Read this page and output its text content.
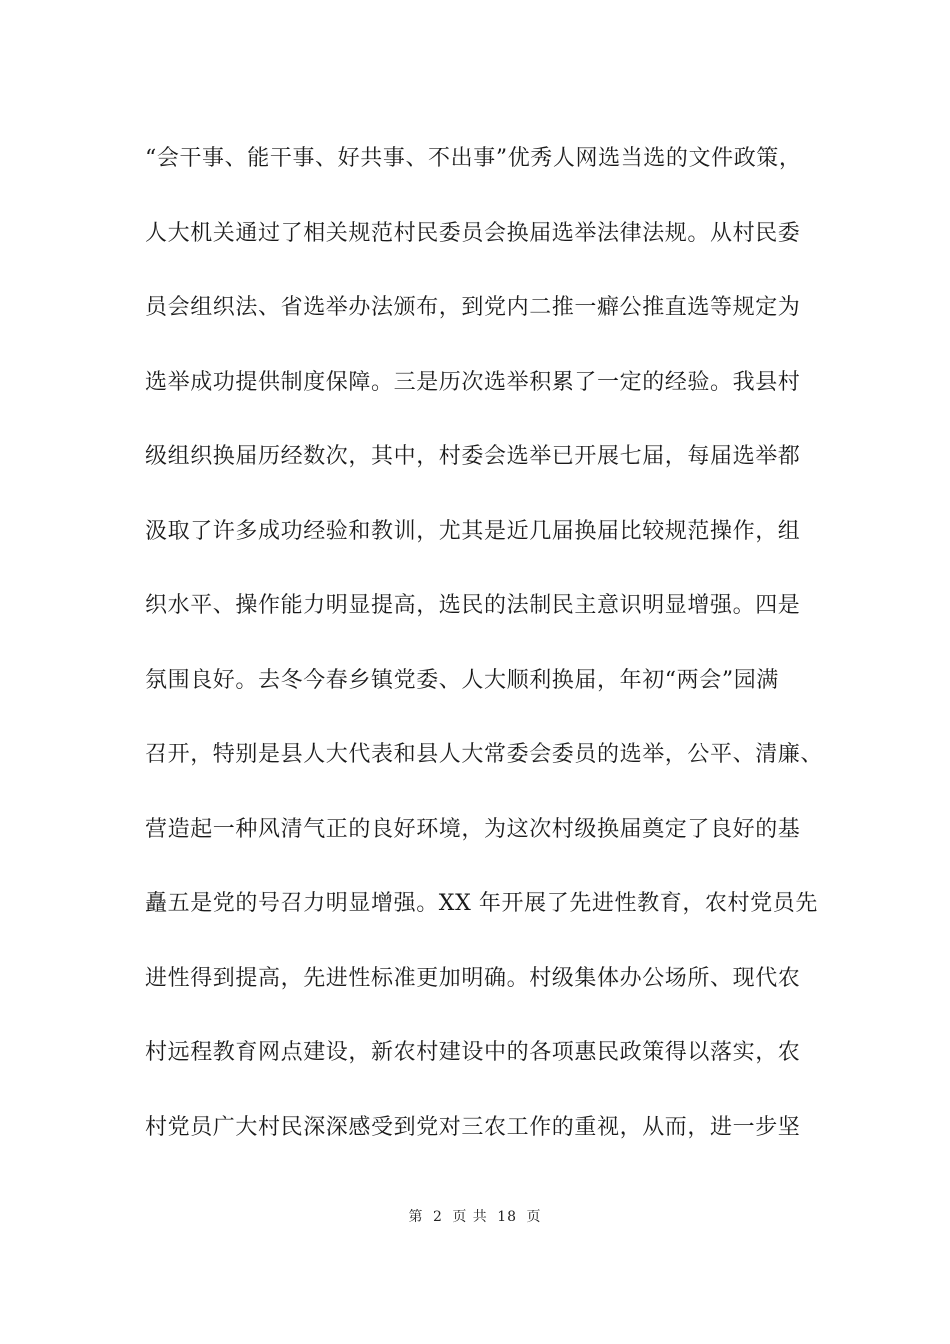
“会干事、能干事、好共事、不出事”优秀人网选当选的文件政策，
人大机关通过了相关规范村民委员会换届选举法律法规。从村民委
员会组织法、省选举办法颁布，到党内二推一癖公推直选等规定为
选举成功提供制度保障。三是历次选举积累了一定的经验。我县村
级组织换届历经数次，其中，村委会选举已开展七届，每届选举都
汲取了许多成功经验和教训，尤其是近几届换届比较规范操作，组
织水平、操作能力明显提高，选民的法制民主意识明显增强。四是
氛围良好。去冬今春乡镇党委、人大顺利换届，年初“两会”园满
召开，特别是县人大代表和县人大常委会委员的选举，公平、清廉、
营造起一种风清气正的良好环境，为这次村级换届奠定了良好的基
矗五是党的号召力明显增强。XX 年开展了先进性教育，农村党员先
进性得到提高，先进性标准更加明确。村级集体办公场所、现代农
村远程教育网点建设，新农村建设中的各项惠民政策得以落实，农
村党员广大村民深深感受到党对三农工作的重视，从而，进一步坚
第 2 页 共 18 页
